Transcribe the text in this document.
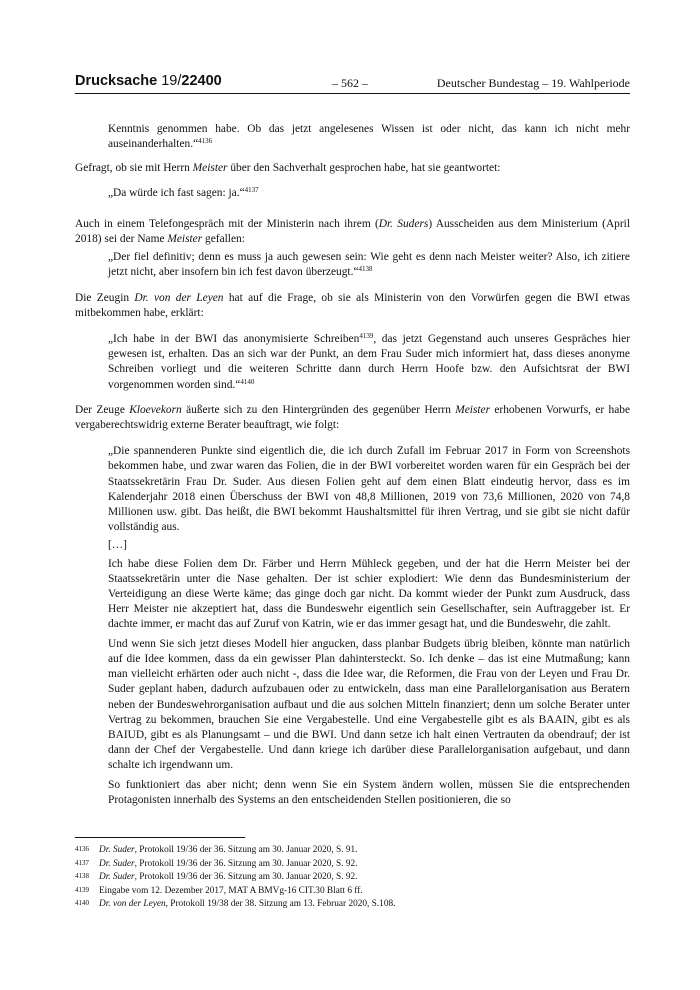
Drucksache 19/22400	– 562 –	Deutscher Bundestag – 19. Wahlperiode

Kenntnis genommen habe. Ob das jetzt angelesenes Wissen ist oder nicht, das kann ich nicht mehr auseinanderhalten.“$^{4136}$

Gefragt, ob sie mit Herrn Meister über den Sachverhalt gesprochen habe, hat sie geantwortet:

„Da würde ich fast sagen: ja.“$^{4137}$

Auch in einem Telefongespräch mit der Ministerin nach ihrem (Dr. Suders) Ausscheiden aus dem Ministerium (April 2018) sei der Name Meister gefallen:

„Der fiel definitiv; denn es muss ja auch gewesen sein: Wie geht es denn nach Meister weiter? Also, ich zitiere jetzt nicht, aber insofern bin ich fest davon überzeugt.“$^{4138}$

Die Zeugin Dr. von der Leyen hat auf die Frage, ob sie als Ministerin von den Vorwürfen gegen die BWI etwas mitbekommen habe, erklärt:

„Ich habe in der BWI das anonymisierte Schreiben$^{4139}$, das jetzt Gegenstand auch unseres Gespräches hier gewesen ist, erhalten. Das an sich war der Punkt, an dem Frau Suder mich informiert hat, dass dieses anonyme Schreiben vorliegt und die weiteren Schritte dann durch Herrn Hoofe bzw. den Aufsichtsrat der BWI vorgenommen worden sind.“$^{4140}$

Der Zeuge Kloevekorn äußerte sich zu den Hintergründen des gegenüber Herrn Meister erhobenen Vorwurfs, er habe vergaberechtswidrig externe Berater beauftragt, wie folgt:

„Die spannenderen Punkte sind eigentlich die, die ich durch Zufall im Februar 2017 in Form von Screenshots bekommen habe, und zwar waren das Folien, die in der BWI vorbereitet worden waren für ein Gespräch bei der Staatssekretärin Frau Dr. Suder. Aus diesen Folien geht auf dem einen Blatt eindeutig hervor, dass es im Kalenderjahr 2018 einen Überschuss der BWI von 48,8 Millionen, 2019 von 73,6 Millionen, 2020 von 74,8 Millionen usw. gibt. Das heißt, die BWI bekommt Haushaltsmittel für ihren Vertrag, und sie gibt sie nicht dafür vollständig aus.

[…]

Ich habe diese Folien dem Dr. Färber und Herrn Mühleck gegeben, und der hat die Herrn Meister bei der Staatssekretärin unter die Nase gehalten. Der ist schier explodiert: Wie denn das Bundesministerium der Verteidigung an diese Werte käme; das ginge doch gar nicht. Da kommt wieder der Punkt zum Ausdruck, dass Herr Meister nie akzeptiert hat, dass die Bundeswehr eigentlich sein Gesellschafter, sein Auftraggeber ist. Er dachte immer, er macht das auf Zuruf von Katrin, wie er das immer gesagt hat, und die Bundeswehr, die zahlt.

Und wenn Sie sich jetzt dieses Modell hier angucken, dass planbar Budgets übrig bleiben, könnte man natürlich auf die Idee kommen, dass da ein gewisser Plan dahintersteckt. So. Ich denke – das ist eine Mutmaßung; kann man vielleicht erhärten oder auch nicht -, dass die Idee war, die Reformen, die Frau von der Leyen und Frau Dr. Suder geplant haben, dadurch aufzubauen oder zu entwickeln, dass man eine Parallelorganisation aus Beratern neben der Bundeswehrorganisation aufbaut und die aus solchen Mitteln finanziert; denn um solche Berater unter Vertrag zu bekommen, brauchen Sie eine Vergabestelle. Und eine Vergabestelle gibt es als BAAIN, gibt es als BAIUD, gibt es als Planungsamt – und die BWI. Und dann setze ich halt einen Vertrauten da obendrauf; der ist dann der Chef der Vergabestelle. Und dann kriege ich darüber diese Parallelorganisation aufgebaut, und dann schalte ich irgendwann um.

So funktioniert das aber nicht; denn wenn Sie ein System ändern wollen, müssen Sie die entsprechenden Protagonisten innerhalb des Systems an den entscheidenden Stellen positionieren, die so

4136	Dr. Suder, Protokoll 19/36 der 36. Sitzung am 30. Januar 2020, S. 91.
4137	Dr. Suder, Protokoll 19/36 der 36. Sitzung am 30. Januar 2020, S. 92.
4138	Dr. Suder, Protokoll 19/36 der 36. Sitzung am 30. Januar 2020, S. 92.
4139	Eingabe vom 12. Dezember 2017, MAT A BMVg-16 CIT.30 Blatt 6 ff.
4140	Dr. von der Leyen, Protokoll 19/38 der 38. Sitzung am 13. Februar 2020, S.108.
